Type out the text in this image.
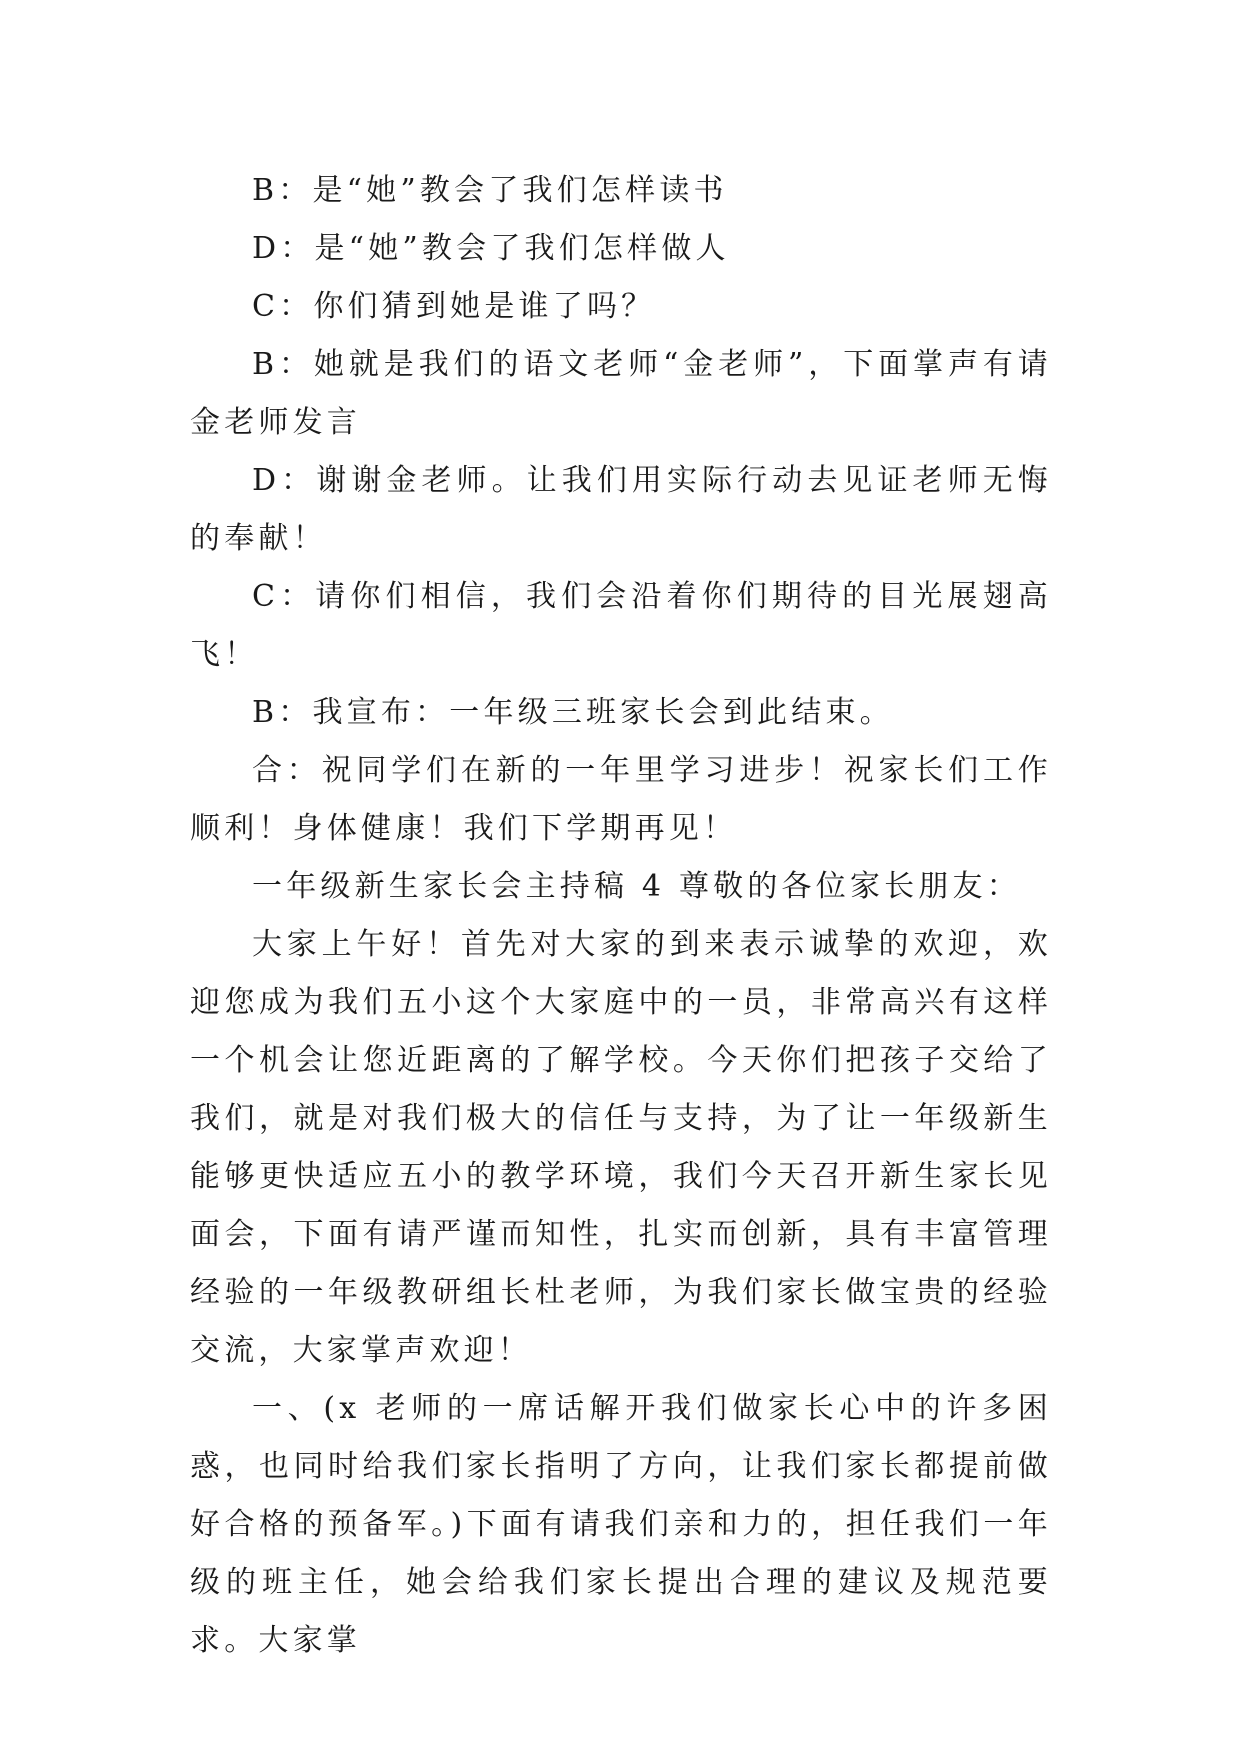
B：是“她”教会了我们怎样读书

D：是“她”教会了我们怎样做人

C：你们猜到她是谁了吗？

B：她就是我们的语文老师“金老师”，下面掌声有请金老师发言

D：谢谢金老师。让我们用实际行动去见证老师无悔的奉献！

C：请你们相信，我们会沿着你们期待的目光展翅高飞！

B：我宣布：一年级三班家长会到此结束。

合：祝同学们在新的一年里学习进步！祝家长们工作顺利！身体健康！我们下学期再见！

一年级新生家长会主持稿 4 尊敬的各位家长朋友：

大家上午好！首先对大家的到来表示诚挚的欢迎，欢迎您成为我们五小这个大家庭中的一员，非常高兴有这样一个机会让您近距离的了解学校。今天你们把孩子交给了我们，就是对我们极大的信任与支持，为了让一年级新生能够更快适应五小的教学环境，我们今天召开新生家长见面会，下面有请严谨而知性，扎实而创新，具有丰富管理经验的一年级教研组长杜老师，为我们家长做宝贵的经验交流，大家掌声欢迎！

一、(x 老师的一席话解开我们做家长心中的许多困惑，也同时给我们家长指明了方向，让我们家长都提前做好合格的预备军。)下面有请我们亲和力的，担任我们一年级的班主任，她会给我们家长提出合理的建议及规范要求。大家掌
